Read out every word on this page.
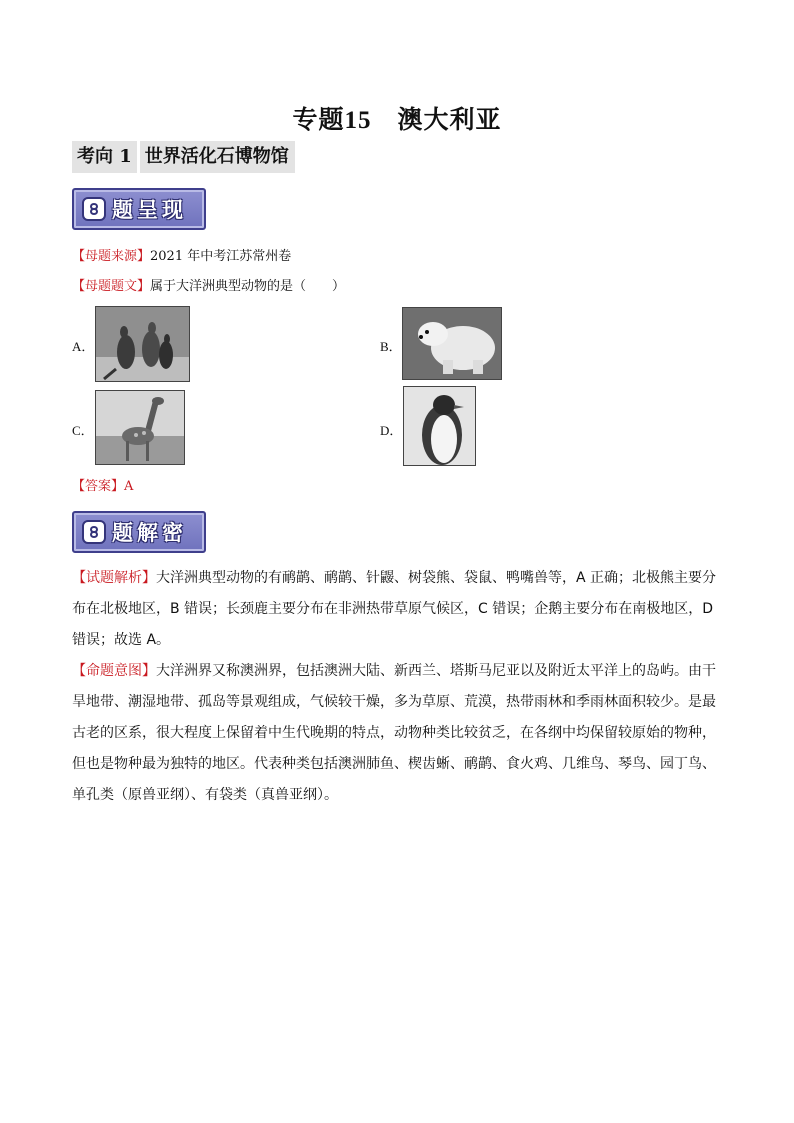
专题15　 澳大利亚
考向 1 世界活化石博物馆
题呈现
【母题来源】2021 年中考江苏常州卷
【母题题文】属于大洋洲典型动物的是（　　）
A．	B．
C．	D．
【答案】A
题解密
【试题解析】大洋洲典型动物的有鸸鹋、鸸鹋、针鼹、树袋熊、袋鼠、鸭嘴兽等，A 正确；北极熊主要分布在北极地区，B 错误；长颈鹿主要分布在非洲热带草原气候区，C 错误；企鹅主要分布在南极地区，D 错误；故选 A。
【命题意图】大洋洲界又称澳洲界，包括澳洲大陆、新西兰、塔斯马尼亚以及附近太平洋上的岛屿。由干旱地带、潮湿地带、孤岛等景观组成，气候较干燥，多为草原、荒漠，热带雨林和季雨林面积较少。是最古老的区系，很大程度上保留着中生代晚期的特点，动物种类比较贫乏，在各纲中均保留较原始的物种，但也是物种最为独特的地区。代表种类包括澳洲肺鱼、楔齿蜥、鸸鹋、食火鸡、几维鸟、琴鸟、园丁鸟、单孔类（原兽亚纲）、有袋类（真兽亚纲）。
